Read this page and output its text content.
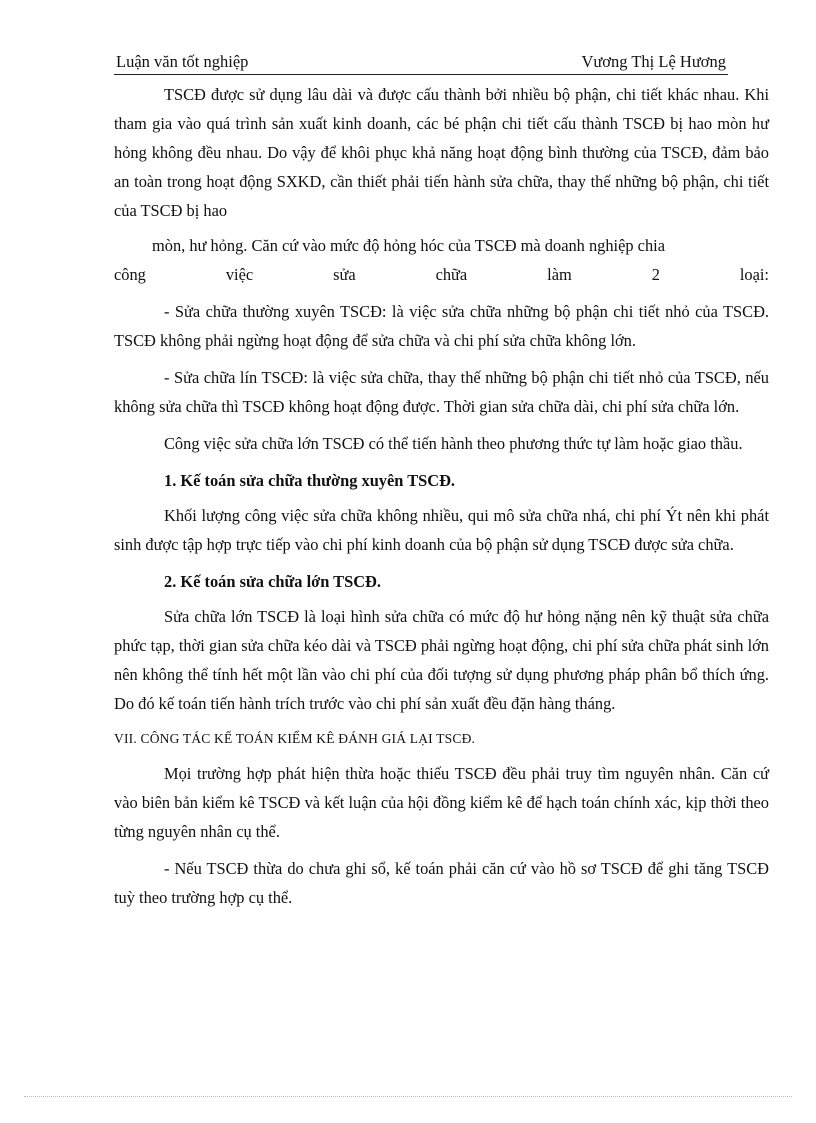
Luận văn tốt nghiệp	Vương Thị Lệ Hương

TSCĐ được sử dụng lâu dài và được cấu thành bởi nhiều bộ phận, chi tiết khác nhau. Khi tham gia vào quá trình sản xuất kinh doanh, các bé phận chi tiết cấu thành TSCĐ bị hao mòn hư hỏng không đều nhau. Do vậy để khôi phục khả năng hoạt động bình thường của TSCĐ, đảm bảo an toàn trong hoạt động SXKD, cần thiết phải tiến hành sửa chữa, thay thế những bộ phận, chi tiết của TSCĐ bị hao

mòn, hư hỏng. Căn cứ vào mức độ hỏng hóc của TSCĐ mà doanh nghiệp chia

công việc sửa chữa làm 2 loại:

- Sửa chữa thường xuyên TSCĐ: là việc sửa chữa những bộ phận chi tiết nhỏ của TSCĐ. TSCĐ không phải ngừng hoạt động để sửa chữa và chi phí sửa chữa không lớn.

- Sửa chữa lín TSCĐ: là việc sửa chữa, thay thế những bộ phận chi tiết nhỏ của TSCĐ, nếu không sửa chữa thì TSCĐ không hoạt động được. Thời gian sửa chữa dài, chi phí sửa chữa lớn.

Công việc sửa chữa lớn TSCĐ có thể tiến hành theo phương thức tự làm hoặc giao thầu.

1. Kế toán sửa chữa thường xuyên TSCĐ.

Khối lượng công việc sửa chữa không nhiều, qui mô sửa chữa nhá, chi phí Ýt nên khi phát sinh được tập hợp trực tiếp vào chi phí kinh doanh của bộ phận sử dụng TSCĐ được sửa chữa.

2. Kế toán sửa chữa lớn TSCĐ.

Sửa chữa lớn TSCĐ là loại hình sửa chữa có mức độ hư hỏng nặng nên kỹ thuật sửa chữa phức tạp, thời gian sửa chữa kéo dài và TSCĐ phải ngừng hoạt động, chi phí sửa chữa phát sinh lớn nên không thể tính hết một lần vào chi phí của đối tượng sử dụng phương pháp phân bổ thích ứng. Do đó kế toán tiến hành trích trước vào chi phí sản xuất đều đặn hàng tháng.

VII. CÔNG TÁC KẾ TOÁN KIỂM KÊ ĐÁNH GIÁ LẠI TSCĐ.

Mọi trường hợp phát hiện thừa hoặc thiếu TSCĐ đều phải truy tìm nguyên nhân. Căn cứ vào biên bản kiểm kê TSCĐ và kết luận của hội đồng kiểm kê để hạch toán chính xác, kịp thời theo từng nguyên nhân cụ thể.

- Nếu TSCĐ thừa do chưa ghi sổ, kế toán phải căn cứ vào hồ sơ TSCĐ để ghi tăng TSCĐ tuỳ theo trường hợp cụ thể.
